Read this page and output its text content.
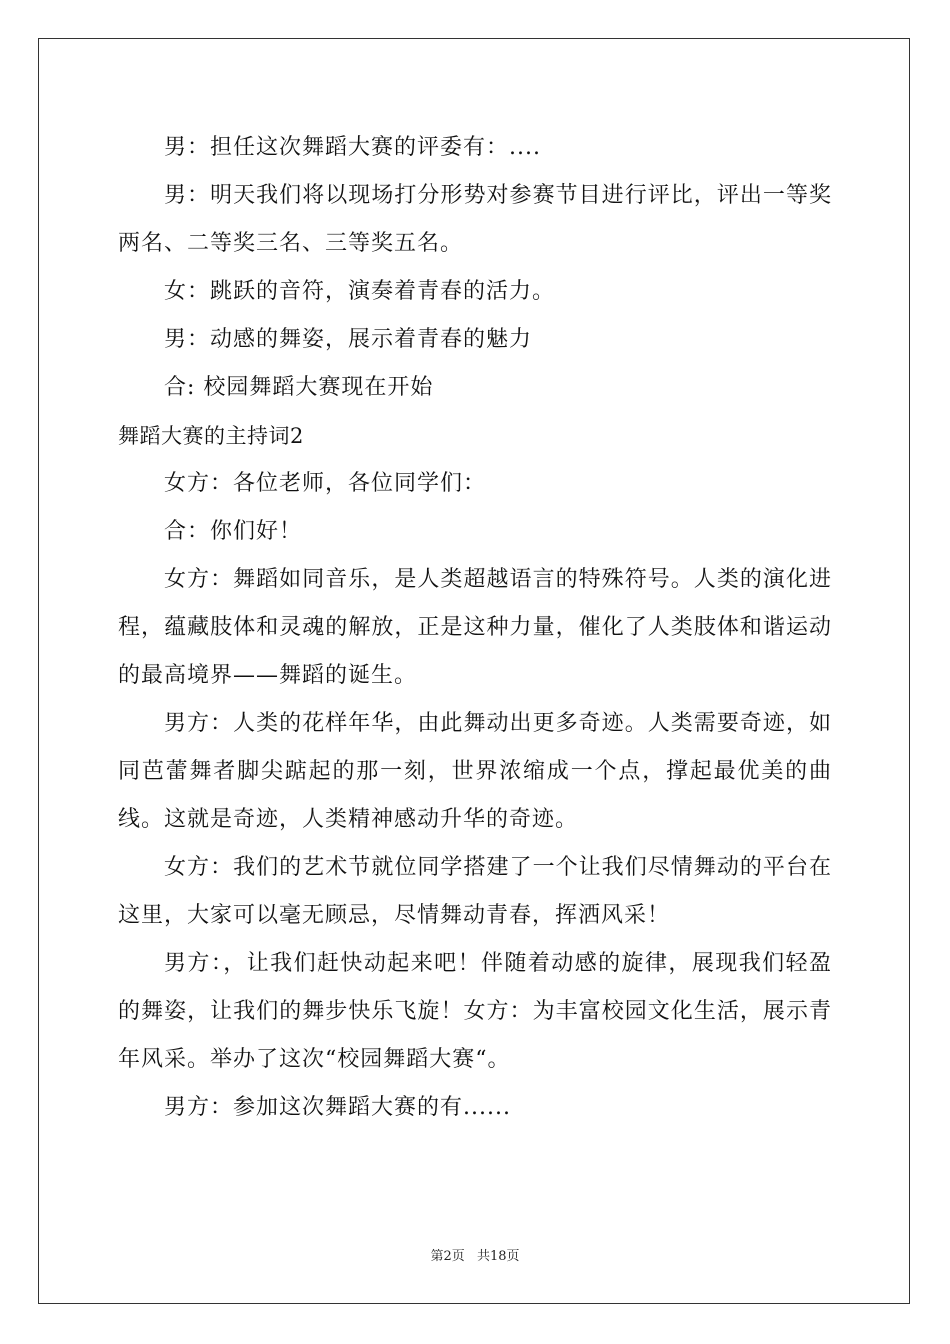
男：担任这次舞蹈大赛的评委有：....

男：明天我们将以现场打分形势对参赛节目进行评比，评出一等奖两名、二等奖三名、三等奖五名。

女：跳跃的音符，演奏着青春的活力。

男：动感的舞姿，展示着青春的魅力

合: 校园舞蹈大赛现在开始

舞蹈大赛的主持词2

女方：各位老师，各位同学们：

合：你们好！

女方：舞蹈如同音乐，是人类超越语言的特殊符号。人类的演化进程，蕴藏肢体和灵魂的解放，正是这种力量，催化了人类肢体和谐运动的最高境界——舞蹈的诞生。

男方：人类的花样年华，由此舞动出更多奇迹。人类需要奇迹，如同芭蕾舞者脚尖踮起的那一刻，世界浓缩成一个点，撑起最优美的曲线。这就是奇迹，人类精神感动升华的奇迹。

女方：我们的艺术节就位同学搭建了一个让我们尽情舞动的平台在这里，大家可以毫无顾忌，尽情舞动青春，挥洒风采！

男方：，让我们赶快动起来吧！伴随着动感的旋律，展现我们轻盈的舞姿，让我们的舞步快乐飞旋！女方：为丰富校园文化生活，展示青年风采。举办了这次“校园舞蹈大赛“。

男方：参加这次舞蹈大赛的有......

第2页 共18页
